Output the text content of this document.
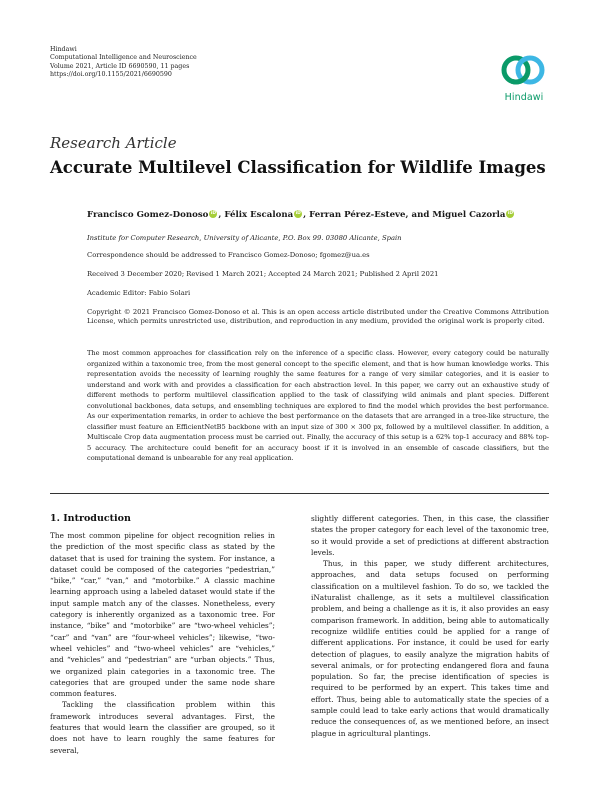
Hindawi
Computational Intelligence and Neuroscience
Volume 2021, Article ID 6690590, 11 pages
https://doi.org/10.1155/2021/6690590
Hindawi
Research Article
Accurate Multilevel Classification for Wildlife Images
Francisco Gomez-Donoso iD , Félix Escalona iD , Ferran Pérez-Esteve, and Miguel CazorlaiD
Institute for Computer Research, University of Alicante, P.O. Box 99. 03080 Alicante, Spain
Correspondence should be addressed to Francisco Gomez-Donoso; fgomez@ua.es
Received 3 December 2020; Revised 1 March 2021; Accepted 24 March 2021; Published 2 April 2021
Academic Editor: Fabio Solari
Copyright © 2021 Francisco Gomez-Donoso et al. This is an open access article distributed under the Creative Commons Attribution License, which permits unrestricted use, distribution, and reproduction in any medium, provided the original work is properly cited.
The most common approaches for classification rely on the inference of a specific class. However, every category could be naturally organized within a taxonomic tree, from the most general concept to the specific element, and that is how human knowledge works. This representation avoids the necessity of learning roughly the same features for a range of very similar categories, and it is easier to understand and work with and provides a classification for each abstraction level. In this paper, we carry out an exhaustive study of different methods to perform multilevel classification applied to the task of classifying wild animals and plant species. Different convolutional backbones, data setups, and ensembling techniques are explored to find the model which provides the best performance. As our experimentation remarks, in order to achieve the best performance on the datasets that are arranged in a tree-like structure, the classifier must feature an EfficientNetB5 backbone with an input size of 300 × 300 px, followed by a multilevel classifier. In addition, a Multiscale Crop data augmentation process must be carried out. Finally, the accuracy of this setup is a 62% top-1 accuracy and 88% top-5 accuracy. The architecture could benefit for an accuracy boost if it is involved in an ensemble of cascade classifiers, but the computational demand is unbearable for any real application.
1. Introduction

The most common pipeline for object recognition relies in the prediction of the most specific class as stated by the dataset that is used for training the system. For instance, a dataset could be composed of the categories “pedestrian,” “bike,” “car,” “van,” and “motorbike.” A classic machine learning approach using a labeled dataset would state if the input sample match any of the classes. Nonetheless, every category is inherently organized as a taxonomic tree. For instance, “bike” and “motorbike” are “two-wheel vehicles”; “car” and “van” are “four-wheel vehicles”; likewise, “two-wheel vehicles” and “two-wheel vehicles” are “vehicles,” and “vehicles” and “pedestrian” are “urban objects.” Thus, we organized plain categories in a taxonomic tree. The categories that are grouped under the same node share common features.

Tackling the classification problem within this framework introduces several advantages. First, the features that would learn the classifier are grouped, so it does not have to learn roughly the same features for several,

slightly different categories. Then, in this case, the classifier states the proper category for each level of the taxonomic tree, so it would provide a set of predictions at different abstraction levels.

Thus, in this paper, we study different architectures, approaches, and data setups focused on performing classification on a multilevel fashion. To do so, we tackled the iNaturalist challenge, as it sets a multilevel classification problem, and being a challenge as it is, it also provides an easy comparison framework. In addition, being able to automatically recognize wildlife entities could be applied for a range of different applications. For instance, it could be used for early detection of plagues, to easily analyze the migration habits of several animals, or for protecting endangered flora and fauna population. So far, the precise identification of species is required to be performed by an expert. This takes time and effort. Thus, being able to automatically state the species of a sample could lead to take early actions that would dramatically reduce the consequences of, as we mentioned before, an insect plague in agricultural plantings.
